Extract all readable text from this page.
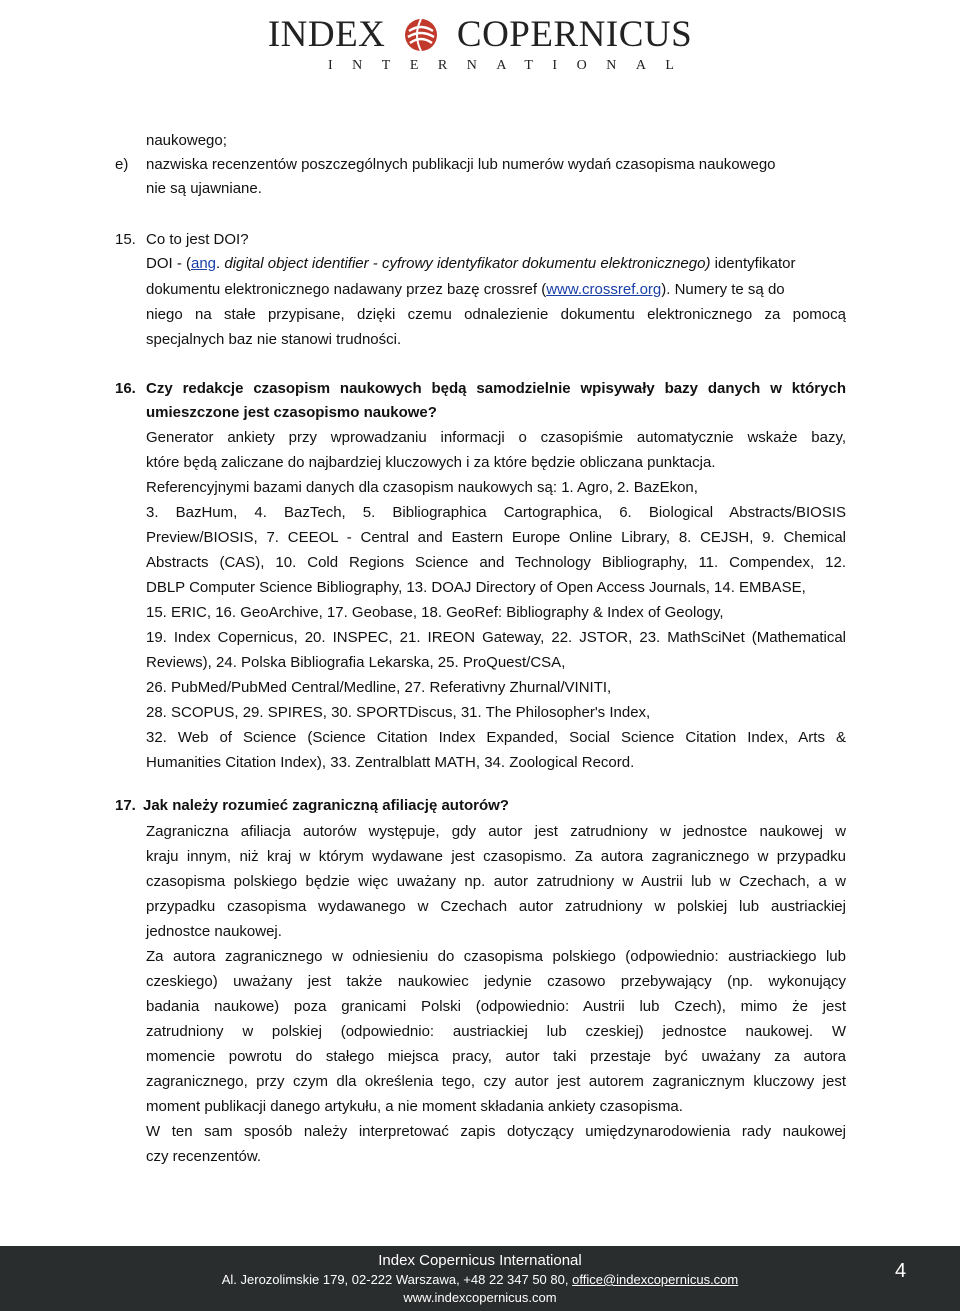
INDEX COPERNICUS
INTERNATIONAL
naukowego;
e) nazwiska recenzentów poszczególnych publikacji lub numerów wydań czasopisma naukowego
nie są ujawniane.
15. Co to jest DOI?
DOI - (ang. digital object identifier - cyfrowy identyfikator dokumentu elektronicznego) identyfikator
dokumentu elektronicznego nadawany przez bazę crossref (www.crossref.org). Numery te są do
niego na stałe przypisane, dzięki czemu odnalezienie dokumentu elektronicznego za pomocą
specjalnych baz nie stanowi trudności.
16. Czy redakcje czasopism naukowych będą samodzielnie wpisywały bazy danych w których
umieszczone jest czasopismo naukowe?
Generator ankiety przy wprowadzaniu informacji o czasopiśmie automatycznie wskaże bazy,
które będą zaliczane do najbardziej kluczowych i za które będzie obliczana punktacja.
Referencyjnymi bazami danych dla czasopism naukowych są: 1. Agro, 2. BazEkon,
3. BazHum, 4. BazTech, 5. Bibliographica Cartographica, 6. Biological Abstracts/BIOSIS
Preview/BIOSIS, 7. CEEOL - Central and Eastern Europe Online Library, 8. CEJSH, 9. Chemical
Abstracts (CAS), 10. Cold Regions Science and Technology Bibliography, 11. Compendex, 12.
DBLP Computer Science Bibliography, 13. DOAJ Directory of Open Access Journals, 14. EMBASE,
15. ERIC, 16. GeoArchive, 17. Geobase, 18. GeoRef: Bibliography & Index of Geology,
19. Index Copernicus, 20. INSPEC, 21. IREON Gateway, 22. JSTOR, 23. MathSciNet (Mathematical
Reviews), 24. Polska Bibliografia Lekarska, 25. ProQuest/CSA,
26. PubMed/PubMed Central/Medline, 27. Referativny Zhurnal/VINITI,
28. SCOPUS, 29. SPIRES, 30. SPORTDiscus, 31. The Philosopher's Index,
32. Web of Science (Science Citation Index Expanded, Social Science Citation Index, Arts &
Humanities Citation Index), 33. Zentralblatt MATH, 34. Zoological Record.
17. Jak należy rozumieć zagraniczną afiliację autorów?
Zagraniczna afiliacja autorów występuje, gdy autor jest zatrudniony w jednostce naukowej w
kraju innym, niż kraj w którym wydawane jest czasopismo. Za autora zagranicznego w przypadku
czasopisma polskiego będzie więc uważany np. autor zatrudniony w Austrii lub w Czechach, a w
przypadku czasopisma wydawanego w Czechach autor zatrudniony w polskiej lub austriackiej
jednostce naukowej.
Za autora zagranicznego w odniesieniu do czasopisma polskiego (odpowiednio: austriackiego lub
czeskiego) uważany jest także naukowiec jedynie czasowo przebywający (np. wykonujący
badania naukowe) poza granicami Polski (odpowiednio: Austrii lub Czech), mimo że jest
zatrudniony w polskiej (odpowiednio: austriackiej lub czeskiej) jednostce naukowej. W
momencie powrotu do stałego miejsca pracy, autor taki przestaje być uważany za autora
zagranicznego, przy czym dla określenia tego, czy autor jest autorem zagranicznym kluczowy jest
moment publikacji danego artykułu, a nie moment składania ankiety czasopisma.
W ten sam sposób należy interpretować zapis dotyczący umiędzynarodowienia rady naukowej
czy recenzentów.
Index Copernicus International
Al. Jerozolimskie 179, 02-222 Warszawa, +48 22 347 50 80, office@indexcopernicus.com
www.indexcopernicus.com
4
